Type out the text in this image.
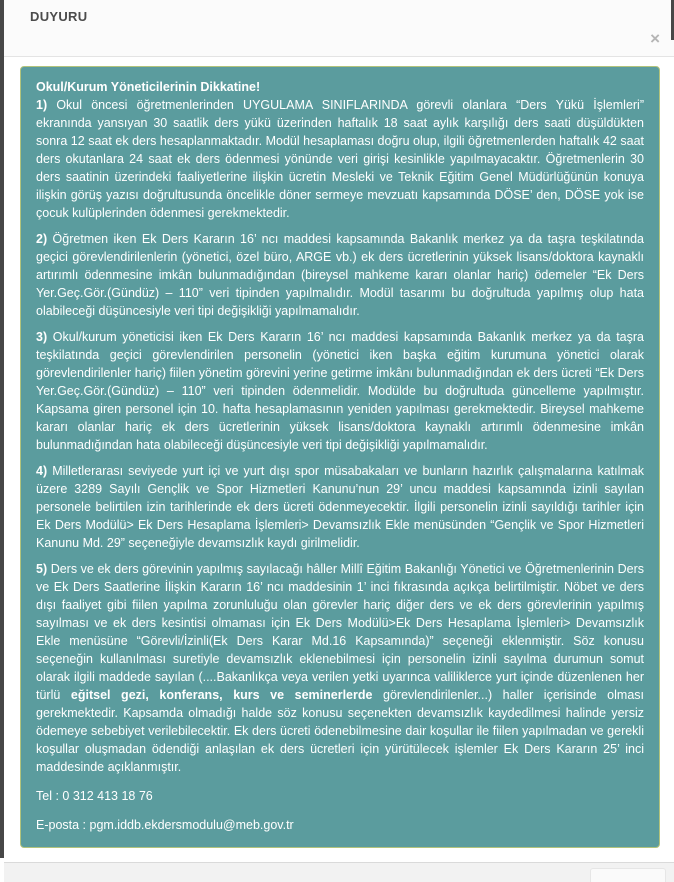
DUYURU
×
Okul/Kurum Yöneticilerinin Dikkatine!

1) Okul öncesi öğretmenlerinden UYGULAMA SINIFLARINDA görevli olanlara “Ders Yükü İşlemleri” ekranında yansıyan 30 saatlik ders yükü üzerinden haftalık 18 saat aylık karşılığı ders saati düşüldükten sonra 12 saat ek ders hesaplanmaktadır. Modül hesaplaması doğru olup, ilgili öğretmenlerden haftalık 42 saat ders okutanlara 24 saat ek ders ödenmesi yönünde veri girişi kesinlikle yapılmayacaktır. Öğretmenlerin 30 ders saatinin üzerindeki faaliyetlerine ilişkin ücretin Mesleki ve Teknik Eğitim Genel Müdürlüğünün konuya ilişkin görüş yazısı doğrultusunda öncelikle döner sermeye mevzuatı kapsamında DÖSE’ den, DÖSE yok ise çocuk kulüplerinden ödenmesi gerekmektedir.

2) Öğretmen iken Ek Ders Kararın 16’ ncı maddesi kapsamında Bakanlık merkez ya da taşra teşkilatında geçici görevlendirilenlerin (yönetici, özel büro, ARGE vb.) ek ders ücretlerinin yüksek lisans/doktora kaynaklı artırımlı ödenmesine imkân bulunmadığından (bireysel mahkeme kararı olanlar hariç) ödemeler “Ek Ders Yer.Geç.Gör.(Gündüz) – 110” veri tipinden yapılmalıdır. Modül tasarımı bu doğrultuda yapılmış olup hata olabileceği düşüncesiyle veri tipi değişikliği yapılmamalıdır.

3) Okul/kurum yöneticisi iken Ek Ders Kararın 16’ ncı maddesi kapsamında Bakanlık merkez ya da taşra teşkilatında geçici görevlendirilen personelin (yönetici iken başka eğitim kurumuna yönetici olarak görevlendirilenler hariç) fiilen yönetim görevini yerine getirme imkânı bulunmadığından ek ders ücreti “Ek Ders Yer.Geç.Gör.(Gündüz) – 110” veri tipinden ödenmelidir. Modülde bu doğrultuda güncelleme yapılmıştır. Kapsama giren personel için 10. hafta hesaplamasının yeniden yapılması gerekmektedir. Bireysel mahkeme kararı olanlar hariç ek ders ücretlerinin yüksek lisans/doktora kaynaklı artırımlı ödenmesine imkân bulunmadığından hata olabileceği düşüncesiyle veri tipi değişikliği yapılmamalıdır.

4) Milletlerarası seviyede yurt içi ve yurt dışı spor müsabakaları ve bunların hazırlık çalışmalarına katılmak üzere 3289 Sayılı Gençlik ve Spor Hizmetleri Kanunu’nun 29’ uncu maddesi kapsamında izinli sayılan personele belirtilen izin tarihlerinde ek ders ücreti ödenmeyecektir. İlgili personelin izinli sayıldığı tarihler için Ek Ders Modülü> Ek Ders Hesaplama İşlemleri> Devamsızlık Ekle menüsünden “Gençlik ve Spor Hizmetleri Kanunu Md. 29” seçeneğiyle devamsızlık kaydı girilmelidir.

5) Ders ve ek ders görevinin yapılmış sayılacağı hâller Millî Eğitim Bakanlığı Yönetici ve Öğretmenlerinin Ders ve Ek Ders Saatlerine İlişkin Kararın 16’ ncı maddesinin 1’ inci fıkrasında açıkça belirtilmiştir. Nöbet ve ders dışı faaliyet gibi fiilen yapılma zorunluluğu olan görevler hariç diğer ders ve ek ders görevlerinin yapılmış sayılması ve ek ders kesintisi olmaması için Ek Ders Modülü>Ek Ders Hesaplama İşlemleri> Devamsızlık Ekle menüsüne “Görevli/İzinli(Ek Ders Karar Md.16 Kapsamında)” seçeneği eklenmiştir. Söz konusu seçeneğin kullanılması suretiyle devamsızlık eklenebilmesi için personelin izinli sayılma durumun somut olarak ilgili maddede sayılan (....Bakanlıkça veya verilen yetki uyarınca valiliklerce yurt içinde düzenlenen her türlü eğitsel gezi, konferans, kurs ve seminerlerde görevlendirilenler...) haller içerisinde olması gerekmektedir. Kapsamda olmadığı halde söz konusu seçenekten devamsızlık kaydedilmesi halinde yersiz ödemeye sebebiyet verilebilecektir. Ek ders ücreti ödenebilmesine dair koşullar ile fiilen yapılmadan ve gerekli koşullar oluşmadan ödendiği anlaşılan ek ders ücretleri için yürütülecek işlemler Ek Ders Kararın 25’ inci maddesinde açıklanmıştır.

Tel : 0 312 413 18 76

E-posta : pgm.iddb.ekdersmodulu@meb.gov.tr
